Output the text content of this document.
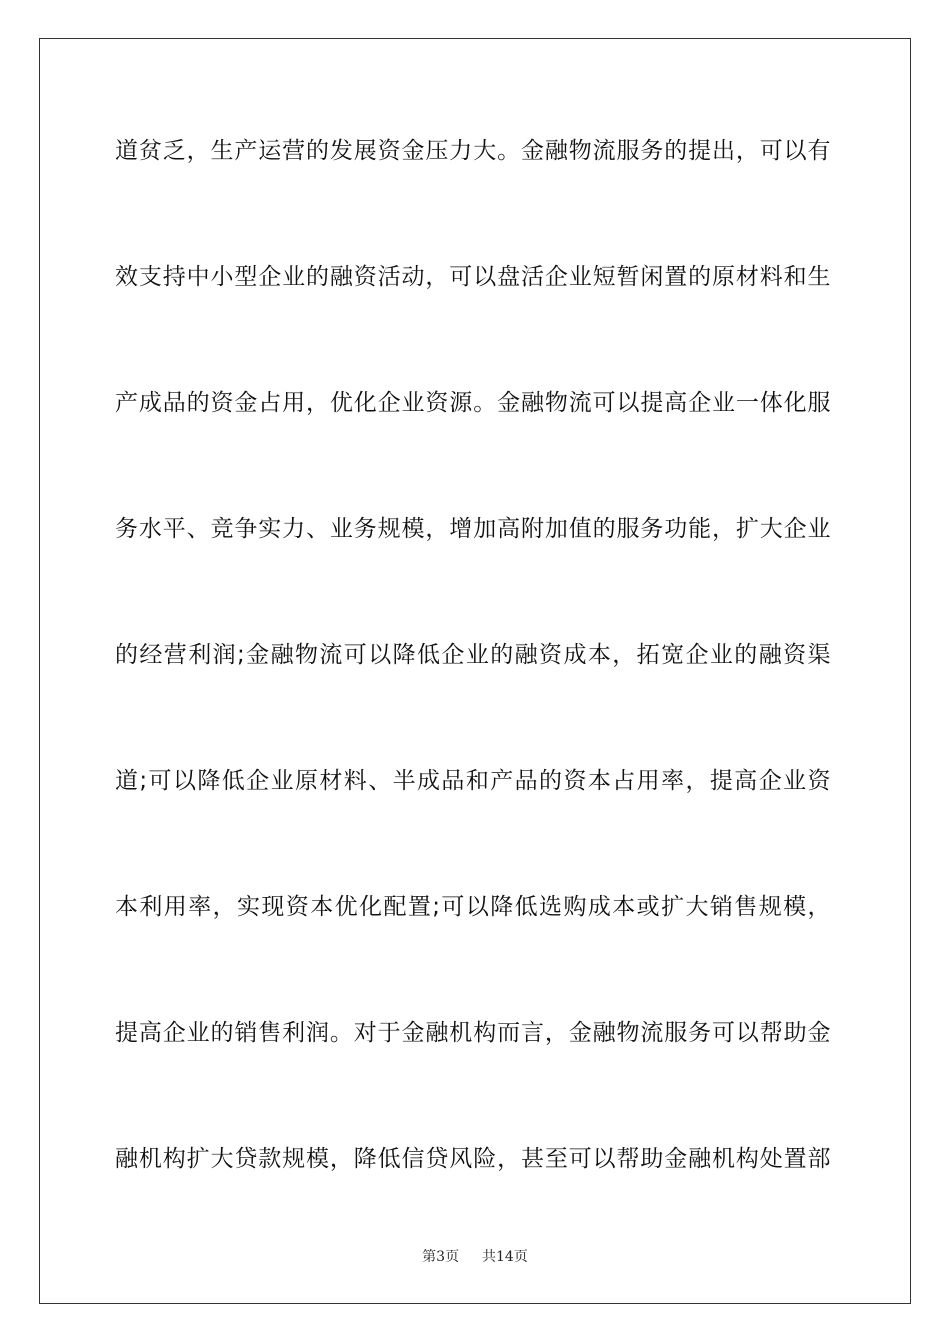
道贫乏，生产运营的发展资金压力大。金融物流服务的提出，可以有
效支持中小型企业的融资活动，可以盘活企业短暂闲置的原材料和生
产成品的资金占用，优化企业资源。金融物流可以提高企业一体化服
务水平、竞争实力、业务规模，增加高附加值的服务功能，扩大企业
的经营利润;金融物流可以降低企业的融资成本，拓宽企业的融资渠
道;可以降低企业原材料、半成品和产品的资本占用率，提高企业资
本利用率，实现资本优化配置;可以降低选购成本或扩大销售规模，
提高企业的销售利润。对于金融机构而言，金融物流服务可以帮助金
融机构扩大贷款规模，降低信贷风险，甚至可以帮助金融机构处置部
第3页 共14页
